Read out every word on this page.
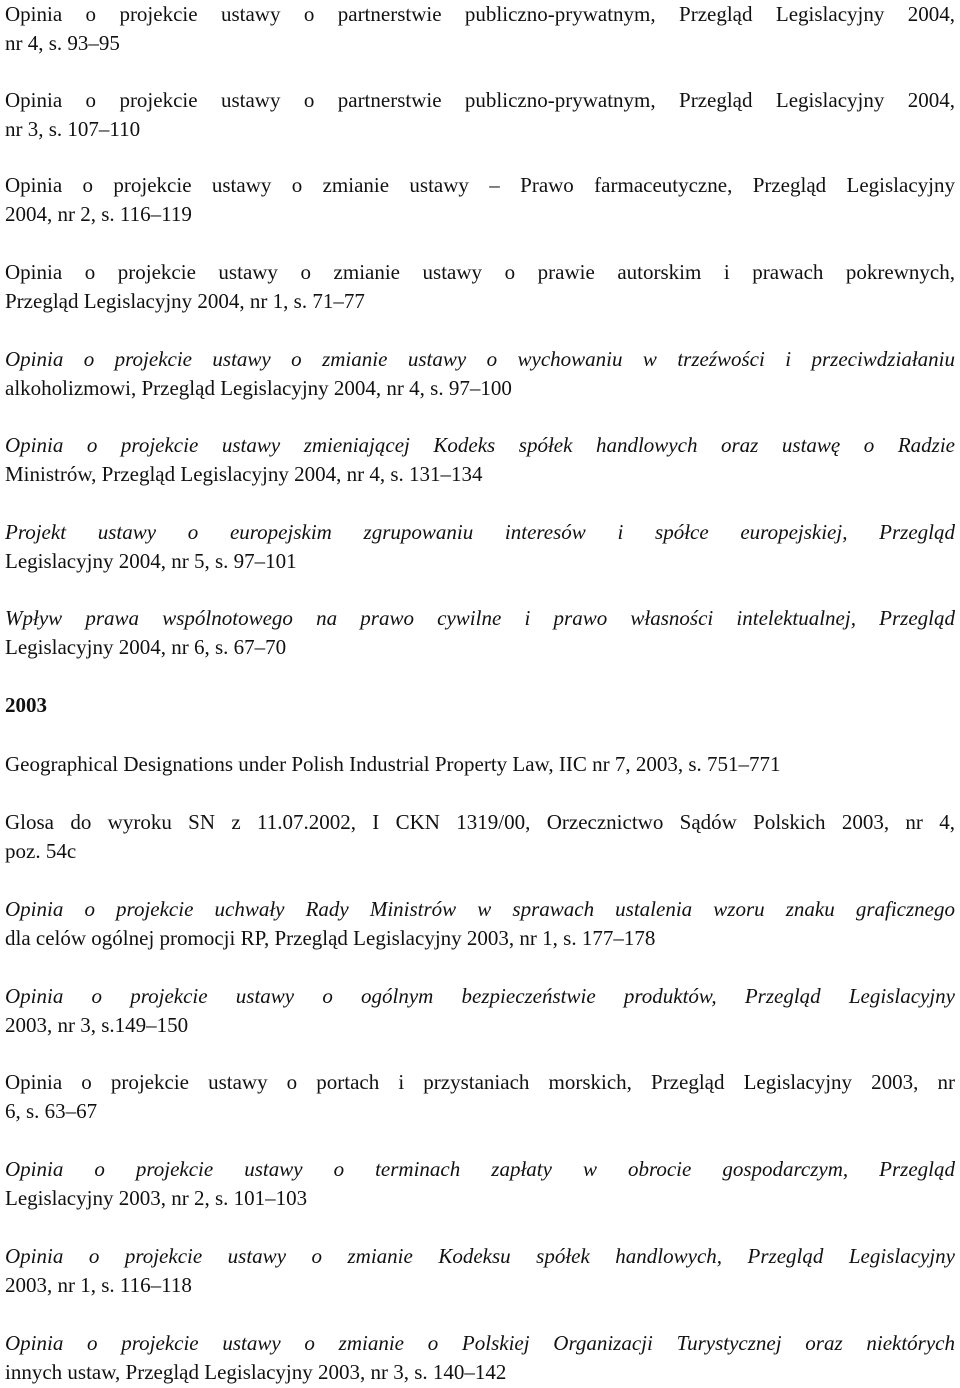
Opinia o projekcie ustawy o partnerstwie publiczno-prywatnym, Przegląd Legislacyjny 2004,
nr 4, s. 93–95
Opinia o projekcie ustawy o partnerstwie publiczno-prywatnym, Przegląd Legislacyjny 2004,
nr 3, s. 107–110
Opinia o projekcie ustawy o zmianie ustawy – Prawo farmaceutyczne, Przegląd Legislacyjny
2004, nr 2, s. 116–119
Opinia o projekcie ustawy o zmianie ustawy o prawie autorskim i prawach pokrewnych,
Przegląd Legislacyjny 2004, nr 1, s. 71–77
Opinia o projekcie ustawy o zmianie ustawy o wychowaniu w trzeźwości i przeciwdziałaniu
alkoholizmowi, Przegląd Legislacyjny 2004, nr 4, s. 97–100
Opinia o projekcie ustawy zmieniającej Kodeks spółek handlowych oraz ustawę o Radzie
Ministrów, Przegląd Legislacyjny 2004, nr 4, s. 131–134
Projekt ustawy o europejskim zgrupowaniu interesów i spółce europejskiej, Przegląd
Legislacyjny 2004, nr 5, s. 97–101
Wpływ prawa wspólnotowego na prawo cywilne i prawo własności intelektualnej, Przegląd
Legislacyjny 2004, nr 6, s. 67–70
2003
Geographical Designations under Polish Industrial Property Law, IIC nr 7, 2003, s. 751–771
Glosa do wyroku SN z 11.07.2002, I CKN 1319/00, Orzecznictwo Sądów Polskich 2003, nr 4,
poz. 54c
Opinia o projekcie uchwały Rady Ministrów w sprawach ustalenia wzoru znaku graficznego
dla celów ogólnej promocji RP, Przegląd Legislacyjny 2003, nr 1, s. 177–178
Opinia o projekcie ustawy o ogólnym bezpieczeństwie produktów, Przegląd Legislacyjny
2003, nr 3, s.149–150
Opinia o projekcie ustawy o portach i przystaniach morskich, Przegląd Legislacyjny 2003, nr
6, s. 63–67
Opinia o projekcie ustawy o terminach zapłaty w obrocie gospodarczym, Przegląd
Legislacyjny 2003, nr 2, s. 101–103
Opinia o projekcie ustawy o zmianie Kodeksu spółek handlowych, Przegląd Legislacyjny
2003, nr 1, s. 116–118
Opinia o projekcie ustawy o zmianie o Polskiej Organizacji Turystycznej oraz niektórych
innych ustaw, Przegląd Legislacyjny 2003, nr 3, s. 140–142
